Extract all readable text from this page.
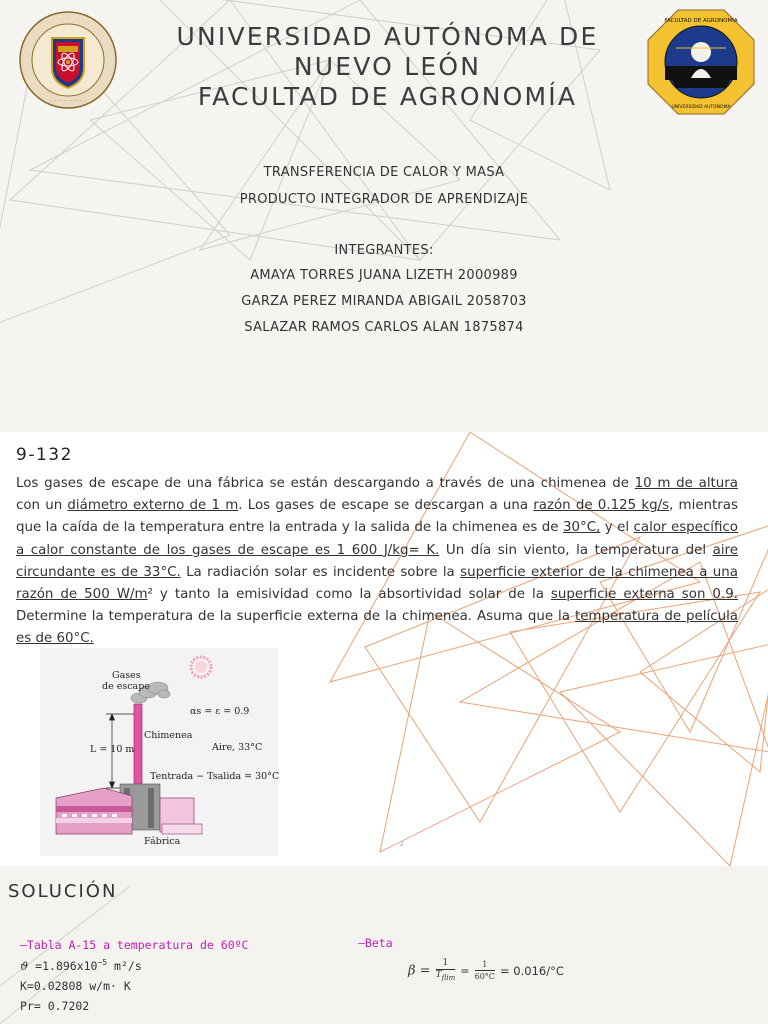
· · · · · · · · ·
FACULTAD DE AGRONOMIA
UNIVERSIDAD AUTONOMA
UNIVERSIDAD AUTÓNOMA DE NUEVO LEÓN
FACULTAD DE AGRONOMÍA
TRANSFERENCIA DE CALOR Y MASA
PRODUCTO INTEGRADOR DE APRENDIZAJE
INTEGRANTES:
AMAYA TORRES JUANA LIZETH 2000989
GARZA PEREZ MIRANDA ABIGAIL 2058703
SALAZAR RAMOS CARLOS ALAN 1875874
9-132
Los gases de escape de una fábrica se están descargando a través de una chimenea de 10 m de altura con un diámetro externo de 1 m. Los gases de escape se descargan a una razón de 0.125 kg/s, mientras que la caída de la temperatura entre la entrada y la salida de la chimenea es de 30°C, y el calor específico a calor constante de los gases de escape es 1 600 J/kg= K. Un día sin viento, la temperatura del aire circundante es de 33°C. La radiación solar es incidente sobre la superficie exterior de la chimenea a una razón de 500 W/m² y tanto la emisividad como la absortividad solar de la superficie externa son 0.9. Determine la temperatura de la superficie externa de la chimenea. Asuma que la temperatura de película es de 60°C.
Gases
de escape
αs = ε = 0.9
Chimenea
L = 10 m	Aire, 33°C
Tentrada − Tsalida = 30°C
Fábrica	2
SOLUCIÓN
–Tabla A-15 a temperatura de 60ºC
$ϑ =1.896x10^{-5}$ m²/s
K=0.02808 w/m· K
Pr= 0.7202
–Beta
$\beta = \frac{1}{T_{flim}} = \frac{1}{60^\circ C} = 0.016/^\circ C$
